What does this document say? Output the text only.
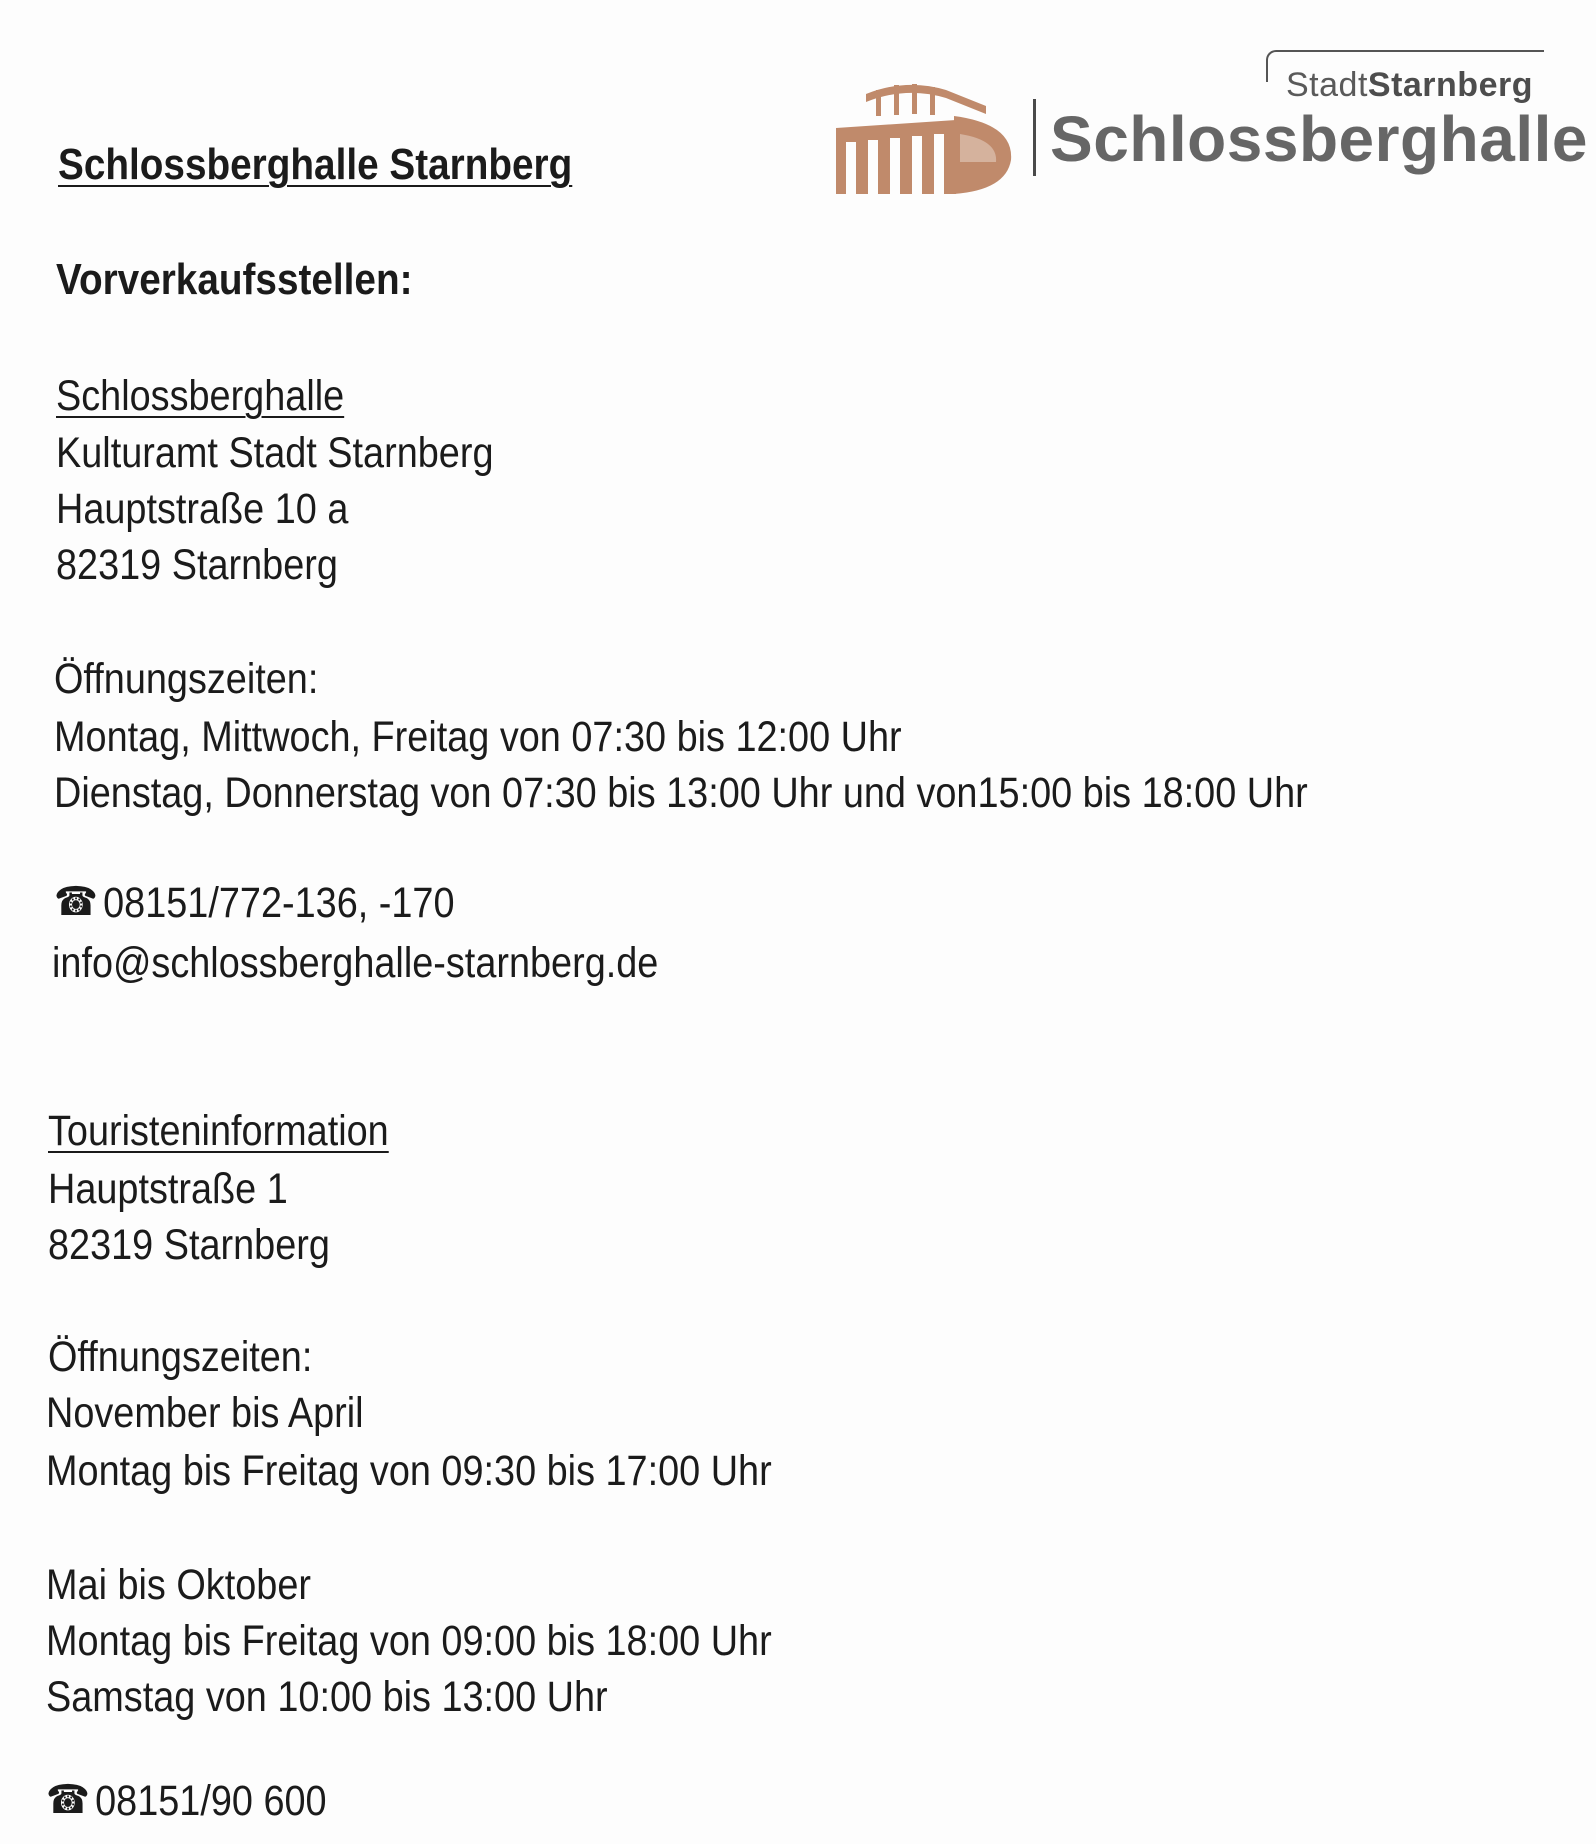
StadtStarnberg
Schlossberghalle
Schlossberghalle Starnberg
Vorverkaufsstellen:
Schlossberghalle
Kulturamt Stadt Starnberg
Hauptstraße 10 a
82319 Starnberg
Öffnungszeiten:
Montag, Mittwoch, Freitag von 07:30 bis 12:00 Uhr
Dienstag, Donnerstag von 07:30 bis 13:00 Uhr und von15:00 bis 18:00 Uhr
☎ 08151/772-136, -170
info@schlossberghalle-starnberg.de
Touristeninformation
Hauptstraße 1
82319 Starnberg
Öffnungszeiten:
November bis April
Montag bis Freitag von 09:30 bis 17:00 Uhr
Mai bis Oktober
Montag bis Freitag von 09:00 bis 18:00 Uhr
Samstag von 10:00 bis 13:00 Uhr
☎ 08151/90 600
